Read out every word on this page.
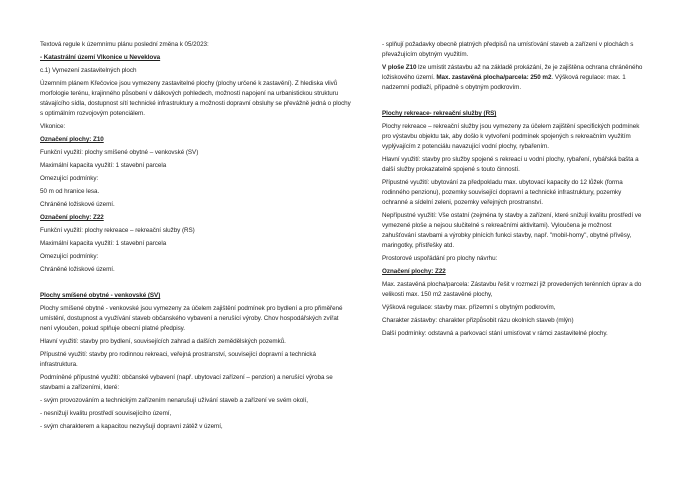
Textová regule k územnímu plánu poslední změna k 05/2023:

- Katastrální území Vlkonice u Neveklova

c.1) Vymezení zastavitelných ploch

Územním plánem Křečovice jsou vymezeny zastavitelné plochy (plochy určené k zastavění). Z hlediska vlivů morfologie terénu, krajinného působení v dálkových pohledech, možností napojení na urbanistickou strukturu stávajícího sídla, dostupnost sítí technické infrastruktury a možnosti dopravní obsluhy se převážně jedná o plochy s optimálním rozvojovým potenciálem.

Vlkonice:

Označení plochy: Z10

Funkční využití: plochy smíšené obytné – venkovské (SV)

Maximální kapacita využití: 1 stavební parcela

Omezující podmínky:

50 m od hranice lesa.

Chráněné ložiskové území.

Označení plochy: Z22

Funkční využití: plochy rekreace – rekreační služby (RS)

Maximální kapacita využití: 1 stavební parcela

Omezující podmínky:

Chráněné ložiskové území.

Plochy smíšené obytné - venkovské (SV)

Plochy smíšené obytné - venkovské jsou vymezeny za účelem zajištění podmínek pro bydlení a pro přiměřené umístění, dostupnost a využívání staveb občanského vybavení a nerušící výroby. Chov hospodářských zvířat není vyloučen, pokud splňuje obecní platné předpisy.

Hlavní využití: stavby pro bydlení, souvisejících zahrad a dalších zemědělských pozemků.

Přípustné využití: stavby pro rodinnou rekreaci, veřejná prostranství, související dopravní a technická infrastruktura.

Podmíněné přípustné využití: občanské vybavení (např. ubytovací zařízení – penzion) a nerušící výroba se stavbami a zařízeními, které:

- svým provozováním a technickým zařízením nenarušují užívání staveb a zařízení ve svém okolí,

- nesnižují kvalitu prostředí souvisejícího území,

- svým charakterem a kapacitou nezvyšují dopravní zátěž v území,

- splňují požadavky obecně platných předpisů na umísťování staveb a zařízení v plochách s převažujícím obytným využitím.

V ploše Z10 lze umístit zástavbu až na základě prokázání, že je zajištěna ochrana chráněného ložiskového území. Max. zastavěná plocha/parcela: 250 m2. Výšková regulace: max. 1 nadzemní podlaží, případně s obytným podkrovím.

Plochy rekreace- rekreační služby (RS)

Plochy rekreace – rekreační služby jsou vymezeny za účelem zajištění specifických podmínek pro výstavbu objektu tak, aby došlo k vytvoření podmínek spojených s rekreačním využitím vyplývajícím z potenciálu navazující vodní plochy, rybařením.

Hlavní využití: stavby pro služby spojené s rekreací u vodní plochy, rybaření, rybářská bašta a další služby prokazatelně spojené s touto činností.

Přípustné využití: ubytování za předpokladu max. ubytovací kapacity do 12 lůžek (forma rodinného penzionu), pozemky související dopravní a technické infrastruktury, pozemky ochranné a sídelní zeleni, pozemky veřejných prostranství.

Nepřípustné využití: Vše ostatní (zejména ty stavby a zařízení, které snižují kvalitu prostředí ve vymezené ploše a nejsou slučitelné s rekreačními aktivitami). Vyloučena je možnost zahušťování stavbami a výrobky plnících funkci stavby, např. "mobil-homy", obytné přívěsy, maringotky, přístřešky atd.

Prostorové uspořádání pro plochy návrhu:

Označení plochy: Z22

Max. zastavěná plocha/parcela: Zástavbu řešit v rozmezí již provedených terénních úprav a do velikosti max. 150 m2 zastavěné plochy,

Výšková regulace: stavby max. přízemní s obytným podkrovím,

Charakter zástavby: charakter přizpůsobit rázu okolních staveb (mlýn)

Další podmínky: odstavná a parkovací stání umisťovat v rámci zastavitelné plochy.
